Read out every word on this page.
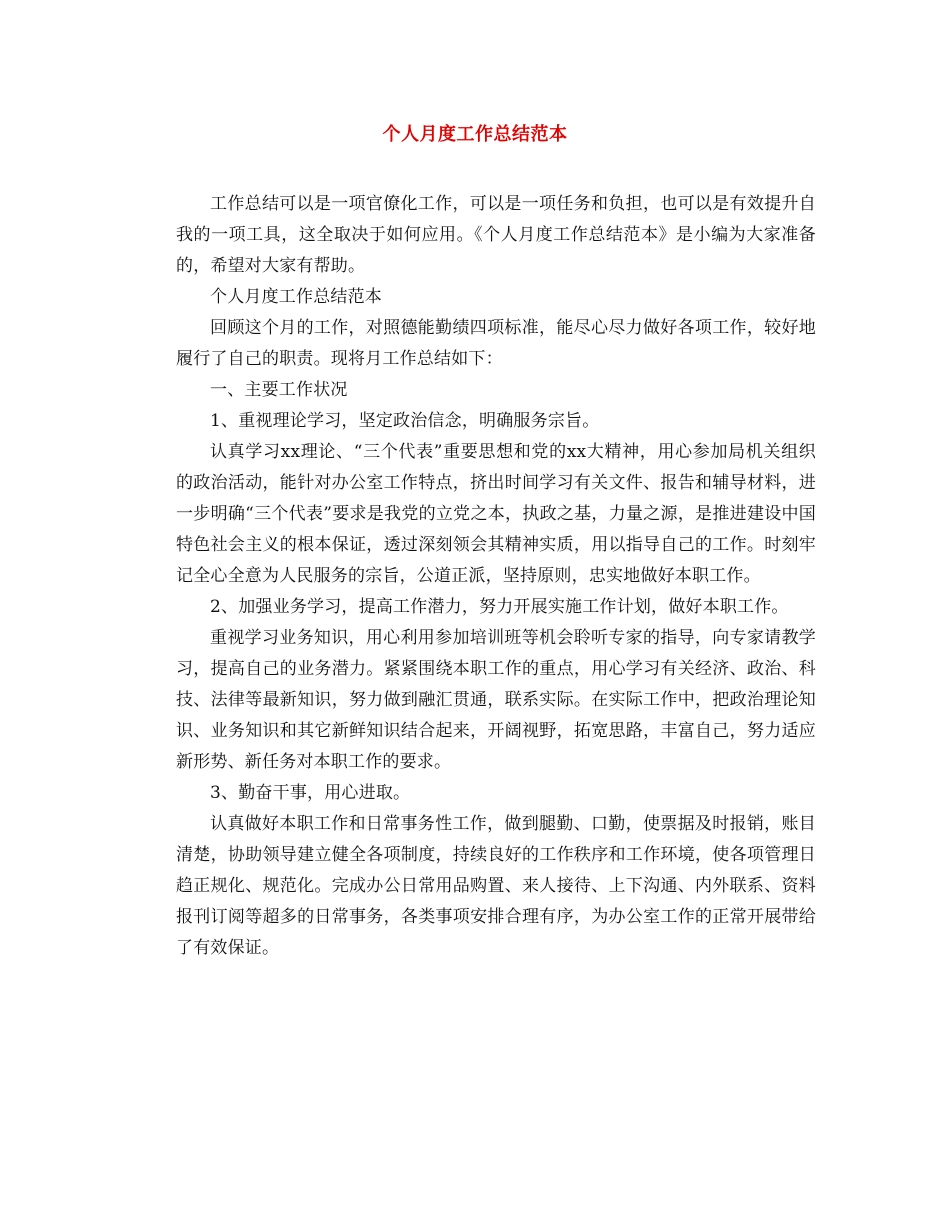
个人月度工作总结范本

工作总结可以是一项官僚化工作，可以是一项任务和负担，也可以是有效提升自我的一项工具，这全取决于如何应用。《个人月度工作总结范本》是小编为大家准备的，希望对大家有帮助。

个人月度工作总结范本

回顾这个月的工作，对照德能勤绩四项标准，能尽心尽力做好各项工作，较好地履行了自己的职责。现将月工作总结如下：

一、主要工作状况

1、重视理论学习，坚定政治信念，明确服务宗旨。

认真学习xx理论、“三个代表”重要思想和党的xx大精神，用心参加局机关组织的政治活动，能针对办公室工作特点，挤出时间学习有关文件、报告和辅导材料，进一步明确“三个代表”要求是我党的立党之本，执政之基，力量之源，是推进建设中国特色社会主义的根本保证，透过深刻领会其精神实质，用以指导自己的工作。时刻牢记全心全意为人民服务的宗旨，公道正派，坚持原则，忠实地做好本职工作。

2、加强业务学习，提高工作潜力，努力开展实施工作计划，做好本职工作。

重视学习业务知识，用心利用参加培训班等机会聆听专家的指导，向专家请教学习，提高自己的业务潜力。紧紧围绕本职工作的重点，用心学习有关经济、政治、科技、法律等最新知识，努力做到融汇贯通，联系实际。在实际工作中，把政治理论知识、业务知识和其它新鲜知识结合起来，开阔视野，拓宽思路，丰富自己，努力适应新形势、新任务对本职工作的要求。

3、勤奋干事，用心进取。

认真做好本职工作和日常事务性工作，做到腿勤、口勤，使票据及时报销，账目清楚，协助领导建立健全各项制度，持续良好的工作秩序和工作环境，使各项管理日趋正规化、规范化。完成办公日常用品购置、来人接待、上下沟通、内外联系、资料报刊订阅等超多的日常事务，各类事项安排合理有序，为办公室工作的正常开展带给了有效保证。
